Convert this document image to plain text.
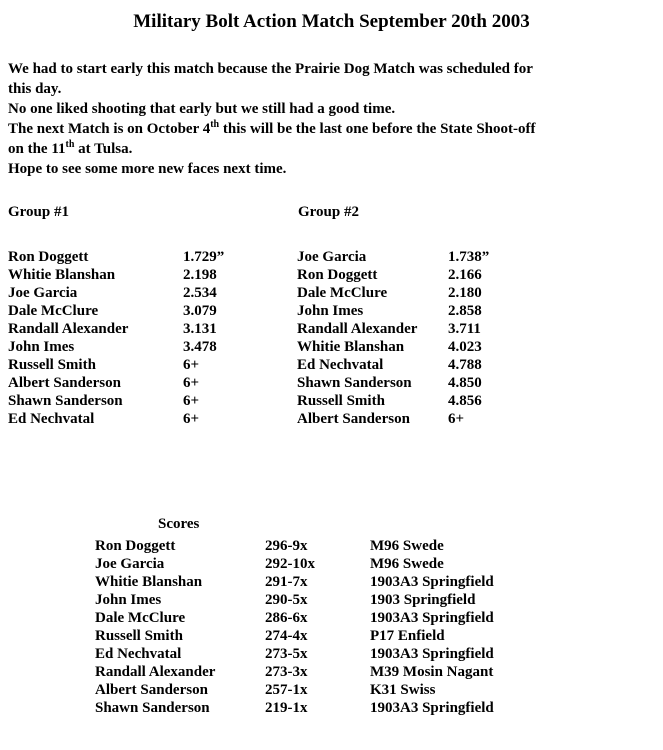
Military Bolt Action Match September 20th 2003
We had to start early this match because the Prairie Dog Match was scheduled for
this day.
No one liked shooting that early but we still had a good time.
The next Match is on October 4th this will be the last one before the State Shoot-off
on the 11th at Tulsa.
Hope to see some more new faces next time.
Group #1	Group #2
Ron Doggett	1.729”
Whitie Blanshan	2.198
Joe Garcia	2.534
Dale McClure	3.079
Randall Alexander	3.131
John Imes	3.478
Russell Smith	6+
Albert Sanderson	6+
Shawn Sanderson	6+
Ed Nechvatal	6+
Joe Garcia	1.738”
Ron Doggett	2.166
Dale McClure	2.180
John Imes	2.858
Randall Alexander	3.711
Whitie Blanshan	4.023
Ed Nechvatal	4.788
Shawn Sanderson	4.850
Russell Smith	4.856
Albert Sanderson	6+
Scores
Ron Doggett	296-9x	M96 Swede
Joe Garcia	292-10x	M96 Swede
Whitie Blanshan	291-7x	1903A3 Springfield
John Imes	290-5x	1903 Springfield
Dale McClure	286-6x	1903A3 Springfield
Russell Smith	274-4x	P17 Enfield
Ed Nechvatal	273-5x	1903A3 Springfield
Randall Alexander	273-3x	M39 Mosin Nagant
Albert Sanderson	257-1x	K31 Swiss
Shawn Sanderson	219-1x	1903A3 Springfield
